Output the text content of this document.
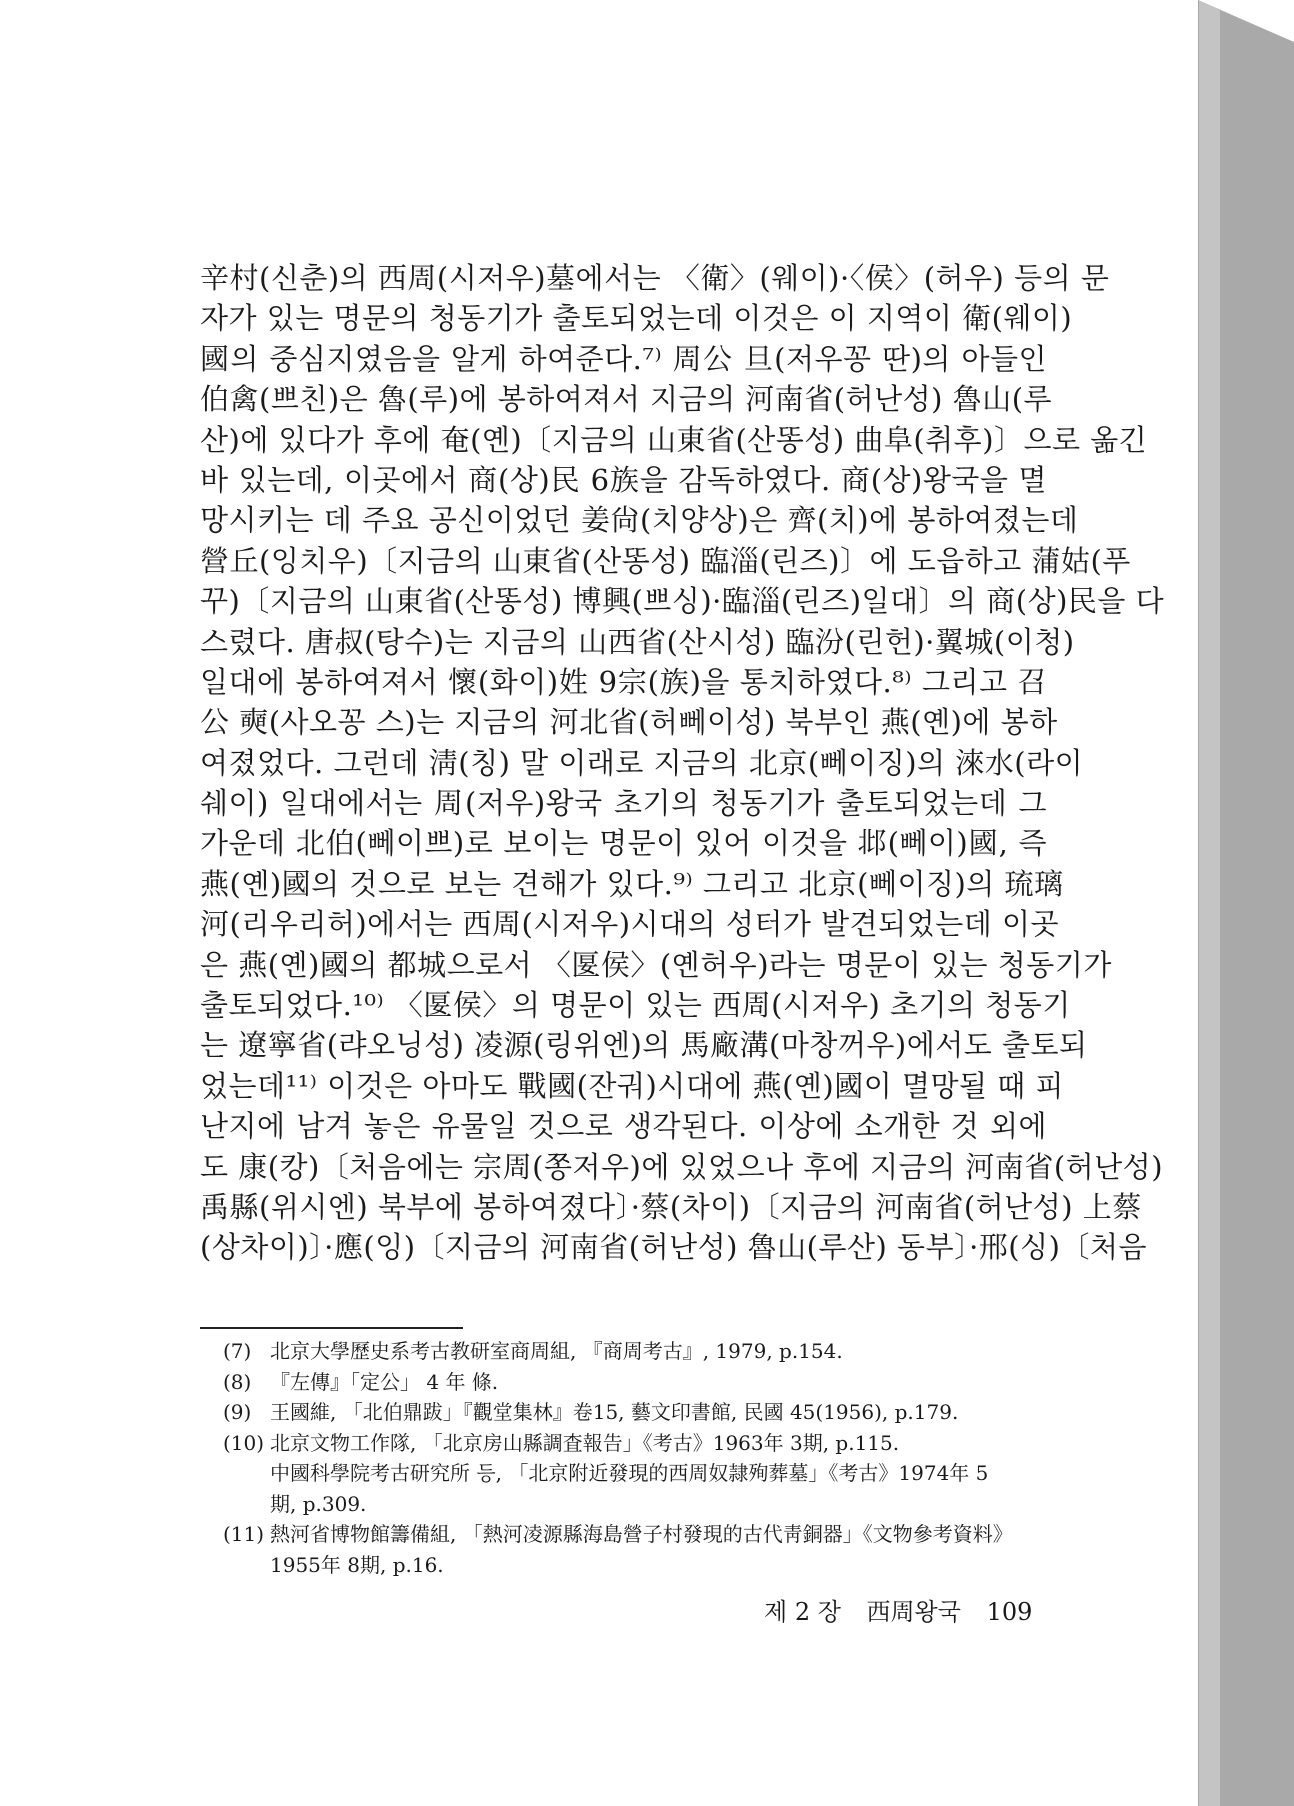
辛村(신춘)의 西周(시저우)墓에서는 〈衛〉(웨이)·〈侯〉(허우) 등의 문
자가 있는 명문의 청동기가 출토되었는데 이것은 이 지역이 衛(웨이)
國의 중심지였음을 알게 하여준다.⁷⁾ 周公 旦(저우꽁 딴)의 아들인
伯禽(쁘친)은 魯(루)에 봉하여져서 지금의 河南省(허난성) 魯山(루
산)에 있다가 후에 奄(옌)〔지금의 山東省(산똥성) 曲阜(취후)〕으로 옮긴
바 있는데, 이곳에서 商(상)民 6族을 감독하였다. 商(상)왕국을 멸
망시키는 데 주요 공신이었던 姜尙(치양상)은 齊(치)에 봉하여졌는데
營丘(잉치우)〔지금의 山東省(산똥성) 臨淄(린즈)〕에 도읍하고 蒲姑(푸
꾸)〔지금의 山東省(산똥성) 博興(쁘싱)·臨淄(린즈)일대〕의 商(상)民을 다
스렸다. 唐叔(탕수)는 지금의 山西省(산시성) 臨汾(린헌)·翼城(이청)
일대에 봉하여져서 懷(화이)姓 9宗(族)을 통치하였다.⁸⁾ 그리고 召
公 奭(사오꽁 스)는 지금의 河北省(허뻬이성) 북부인 燕(옌)에 봉하
여졌었다. 그런데 淸(칭) 말 이래로 지금의 北京(뻬이징)의 淶水(라이
쉐이) 일대에서는 周(저우)왕국 초기의 청동기가 출토되었는데 그
가운데 北伯(뻬이쁘)로 보이는 명문이 있어 이것을 邶(뻬이)國, 즉
燕(옌)國의 것으로 보는 견해가 있다.⁹⁾ 그리고 北京(뻬이징)의 琉璃
河(리우리허)에서는 西周(시저우)시대의 성터가 발견되었는데 이곳
은 燕(옌)國의 都城으로서 〈匽侯〉(옌허우)라는 명문이 있는 청동기가
출토되었다.¹⁰⁾ 〈匽侯〉의 명문이 있는 西周(시저우) 초기의 청동기
는 遼寧省(랴오닝성) 凌源(링위엔)의 馬廠溝(마창꺼우)에서도 출토되
었는데¹¹⁾ 이것은 아마도 戰國(잔궈)시대에 燕(옌)國이 멸망될 때 피
난지에 남겨 놓은 유물일 것으로 생각된다. 이상에 소개한 것 외에
도 康(캉)〔처음에는 宗周(쫑저우)에 있었으나 후에 지금의 河南省(허난성)
禹縣(위시엔) 북부에 봉하여졌다〕·蔡(차이)〔지금의 河南省(허난성) 上蔡
(상차이)〕·應(잉)〔지금의 河南省(허난성) 魯山(루산) 동부〕·邢(싱)〔처음
(7) 北京大學歷史系考古教研室商周組, 『商周考古』, 1979, p.154.
(8) 『左傳』「定公」 4 年 條.
(9) 王國維, 「北伯鼎跋」『觀堂集林』卷15, 藝文印書館, 民國 45(1956), p.179.
(10) 北京文物工作隊, 「北京房山縣調査報告」《考古》1963年 3期, p.115.
中國科學院考古研究所 등, 「北京附近發現的西周奴隷殉葬墓」《考古》1974年 5
期, p.309.
(11) 熱河省博物館籌備組, 「熱河凌源縣海島營子村發現的古代靑銅器」《文物參考資料》
1955年 8期, p.16.
제 2 장 西周왕국 109
